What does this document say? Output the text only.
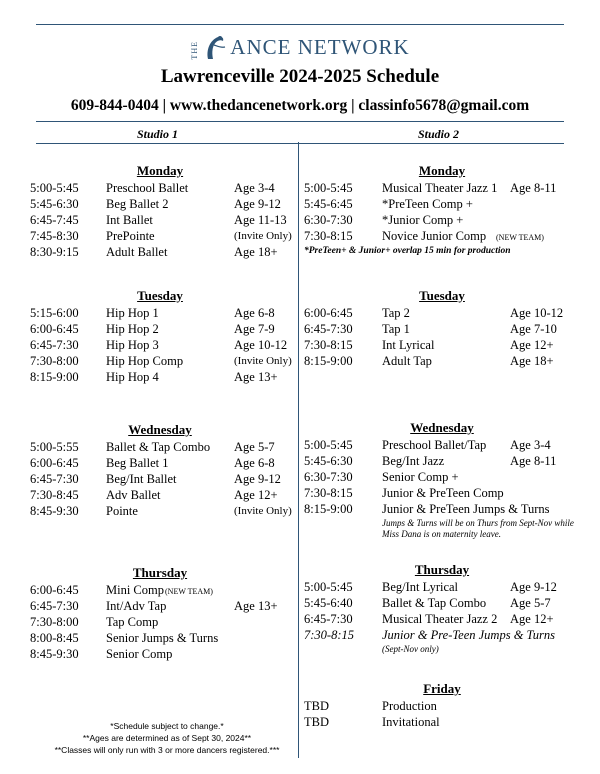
THE ANCE NETWORK
Lawrenceville 2024-2025 Schedule
609-844-0404 | www.thedancenetwork.org | classinfo5678@gmail.com
Studio 1	Studio 2
Monday
5:00-5:45 Preschool Ballet	Age 3-4
5:45-6:30 Beg Ballet 2	Age 9-12
6:45-7:45 Int Ballet	Age 11-13
7:45-8:30 PrePointe	(Invite Only)
8:30-9:15 Adult Ballet	Age 18+
Tuesday
5:15-6:00 Hip Hop 1	Age 6-8
6:00-6:45 Hip Hop 2	Age 7-9
6:45-7:30 Hip Hop 3	Age 10-12
7:30-8:00 Hip Hop Comp	(Invite Only)
8:15-9:00 Hip Hop 4	Age 13+
Wednesday
5:00-5:55 Ballet & Tap Combo Age 5-7
6:00-6:45 Beg Ballet 1	Age 6-8
6:45-7:30 Beg/Int Ballet	Age 9-12
7:30-8:45 Adv Ballet	Age 12+
8:45-9:30 Pointe	(Invite Only)
Thursday
6:00-6:45 Mini Comp (NEW TEAM)
6:45-7:30 Int/Adv Tap	Age 13+
7:30-8:00 Tap Comp
8:00-8:45 Senior Jumps & Turns
8:45-9:30 Senior Comp
Monday
5:00-5:45 Musical Theater Jazz 1 Age 8-11
5:45-6:45 *PreTeen Comp +
6:30-7:30 *Junior Comp +
7:30-8:15 Novice Junior Comp (NEW TEAM)
*PreTeen+ & Junior+ overlap 15 min for production
Tuesday
6:00-6:45 Tap 2	Age 10-12
6:45-7:30 Tap 1	Age 7-10
7:30-8:15 Int Lyrical	Age 12+
8:15-9:00 Adult Tap	Age 18+
Wednesday
5:00-5:45 Preschool Ballet/Tap Age 3-4
5:45-6:30 Beg/Int Jazz	Age 8-11
6:30-7:30 Senior Comp +
7:30-8:15 Junior & PreTeen Comp
8:15-9:00 Junior & PreTeen Jumps & Turns
Jumps & Turns will be on Thurs from Sept-Nov while Miss Dana is on maternity leave.
Thursday
5:00-5:45 Beg/Int Lyrical	Age 9-12
5:45-6:40 Ballet & Tap Combo Age 5-7
6:45-7:30 Musical Theater Jazz 2 Age 12+
7:30-8:15 Junior & Pre-Teen Jumps & Turns
(Sept-Nov only)
Friday
TBD	Production
TBD	Invitational
*Schedule subject to change.*
**Ages are determined as of Sept 30, 2024**
**Classes will only run with 3 or more dancers registered.***
